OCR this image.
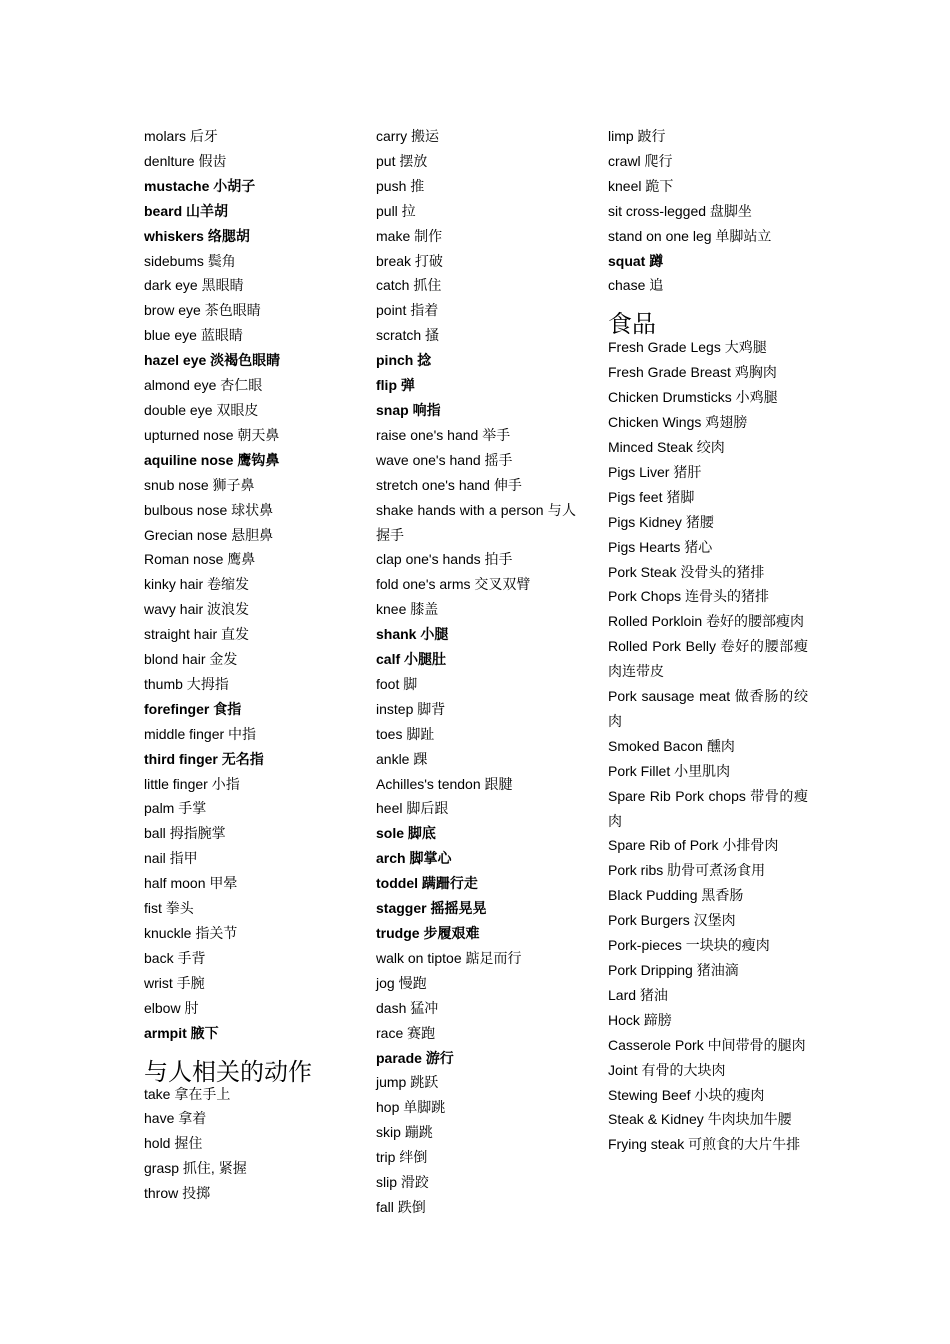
molars 后牙
denlture 假齿
mustache 小胡子
beard 山羊胡
whiskers 络腮胡
sidebums 鬓角
dark eye 黑眼睛
brow eye 茶色眼睛
blue eye 蓝眼睛
hazel eye 淡褐色眼睛
almond eye 杏仁眼
double eye 双眼皮
upturned nose 朝天鼻
aquiline nose 鹰钩鼻
snub nose 狮子鼻
bulbous nose 球状鼻
Grecian nose 悬胆鼻
Roman nose 鹰鼻
kinky hair 卷缩发
wavy hair 波浪发
straight hair 直发
blond hair 金发
thumb 大拇指
forefinger 食指
middle finger 中指
third finger 无名指
little finger 小指
palm 手掌
ball 拇指腕掌
nail 指甲
half moon 甲晕
fist 拳头
knuckle 指关节
back 手背
wrist 手腕
elbow 肘
armpit 腋下
与人相关的动作
take 拿在手上
have 拿着
hold 握住
grasp 抓住, 紧握
throw 投掷
carry 搬运
put 摆放
push 推
pull 拉
make 制作
break 打破
catch 抓住
point 指着
scratch 搔
pinch 捻
flip 弹
snap 响指
raise one's hand 举手
wave one's hand 摇手
stretch one's hand 伸手
shake hands with a person 与人握手
clap one's hands 拍手
fold one's arms 交叉双臂
knee 膝盖
shank 小腿
calf 小腿肚
foot 脚
instep 脚背
toes 脚趾
ankle 踝
Achilles's tendon 跟腱
heel 脚后跟
sole 脚底
arch 脚掌心
toddel 蹒跚行走
stagger 摇摇晃晃
trudge 步履艰难
walk on tiptoe 踮足而行
jog 慢跑
dash 猛冲
race 赛跑
parade 游行
jump 跳跃
hop 单脚跳
skip 蹦跳
trip 绊倒
slip 滑跤
fall 跌倒
limp 跛行
crawl 爬行
kneel 跪下
sit cross-legged 盘脚坐
stand on one leg 单脚站立
squat 蹲
chase 追
食品
Fresh Grade Legs 大鸡腿
Fresh Grade Breast 鸡胸肉
Chicken Drumsticks 小鸡腿
Chicken Wings 鸡翅膀
Minced Steak 绞肉
Pigs Liver 猪肝
Pigs feet 猪脚
Pigs Kidney 猪腰
Pigs Hearts 猪心
Pork Steak 没骨头的猪排
Pork Chops 连骨头的猪排
Rolled Porkloin 卷好的腰部瘦肉
Rolled Pork Belly 卷好的腰部瘦肉连带皮
Pork sausage meat 做香肠的绞肉
Smoked Bacon 醺肉
Pork Fillet 小里肌肉
Spare Rib Pork chops 带骨的瘦肉
Spare Rib of Pork 小排骨肉
Pork ribs 肋骨可煮汤食用
Black Pudding 黑香肠
Pork Burgers 汉堡肉
Pork-pieces 一块块的瘦肉
Pork Dripping 猪油滴
Lard 猪油
Hock 蹄膀
Casserole Pork 中间带骨的腿肉
Joint 有骨的大块肉
Stewing Beef 小块的瘦肉
Steak & Kidney 牛肉块加牛腰
Frying steak 可煎食的大片牛排
